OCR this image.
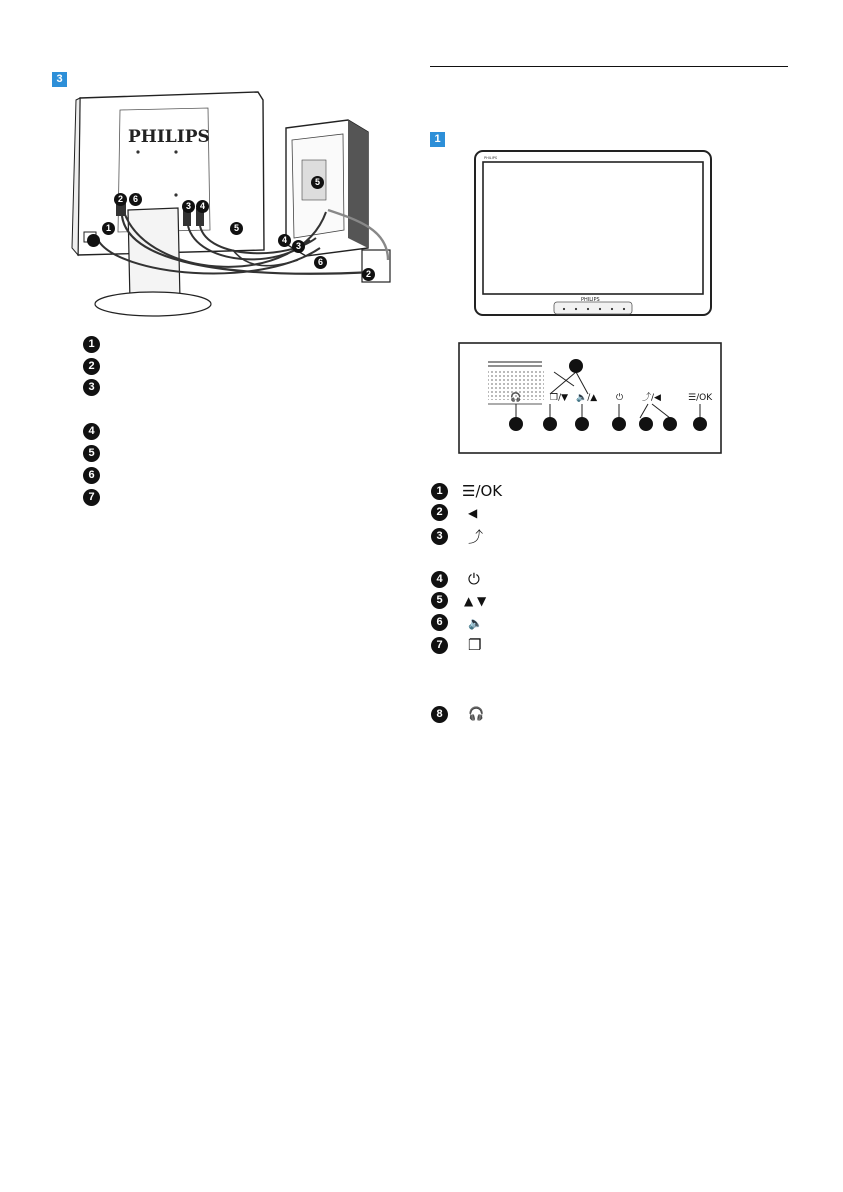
3
PHILIPS
1
2	6
3 4
5
4
3
6
5
2
1
2
3
4
5
6
7
1
PHILIPS
PHILIPS
🎧	❐/▼ 🔈/▲ ⏻ ⤴/◀	☰/OK
1	☰/OK
2	◀
3	⤴
4	⏻
5	▲ ▼
6	🔈
7	❐
8	🎧
